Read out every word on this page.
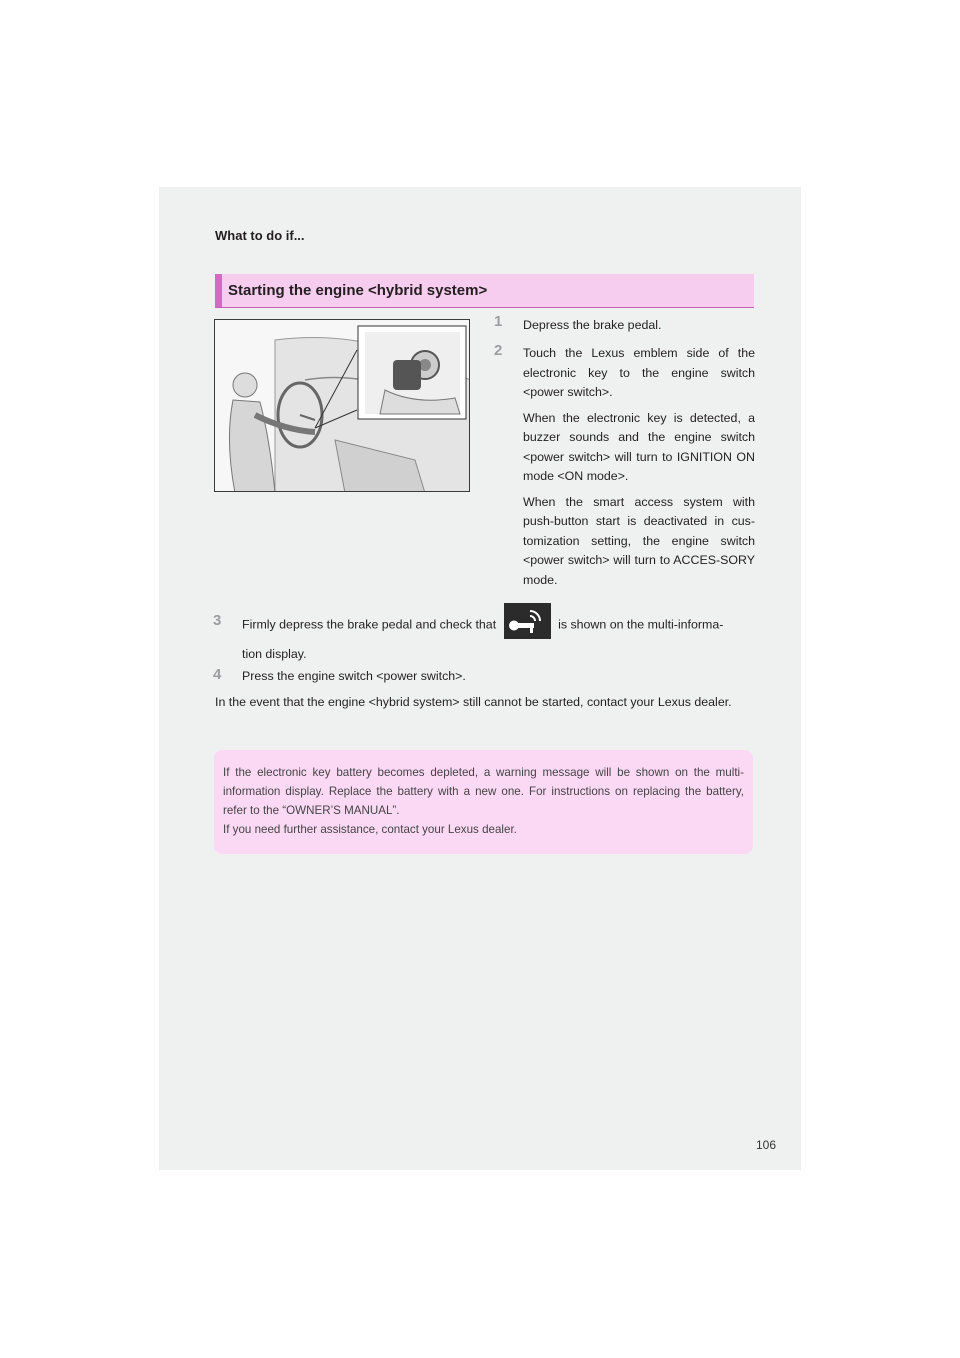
What to do if...
Starting the engine <hybrid system>
1 Depress the brake pedal.
2 Touch the Lexus emblem side of the electronic key to the engine switch <power switch>.
When the electronic key is detected, a buzzer sounds and the engine switch <power switch> will turn to IGNITION ON mode <ON mode>.
When the smart access system with push-button start is deactivated in cus-tomization setting, the engine switch <power switch> will turn to ACCES-SORY mode.
3 Firmly depress the brake pedal and check that	is shown on the multi-informa-
tion display.
4 Press the engine switch <power switch>.
In the event that the engine <hybrid system> still cannot be started, contact your Lexus dealer.

If the electronic key battery becomes depleted, a warning message will be shown on the multi-information display. Replace the battery with a new one. For instructions on replacing the battery, refer to the “OWNER’S MANUAL”.

If you need further assistance, contact your Lexus dealer.

106
